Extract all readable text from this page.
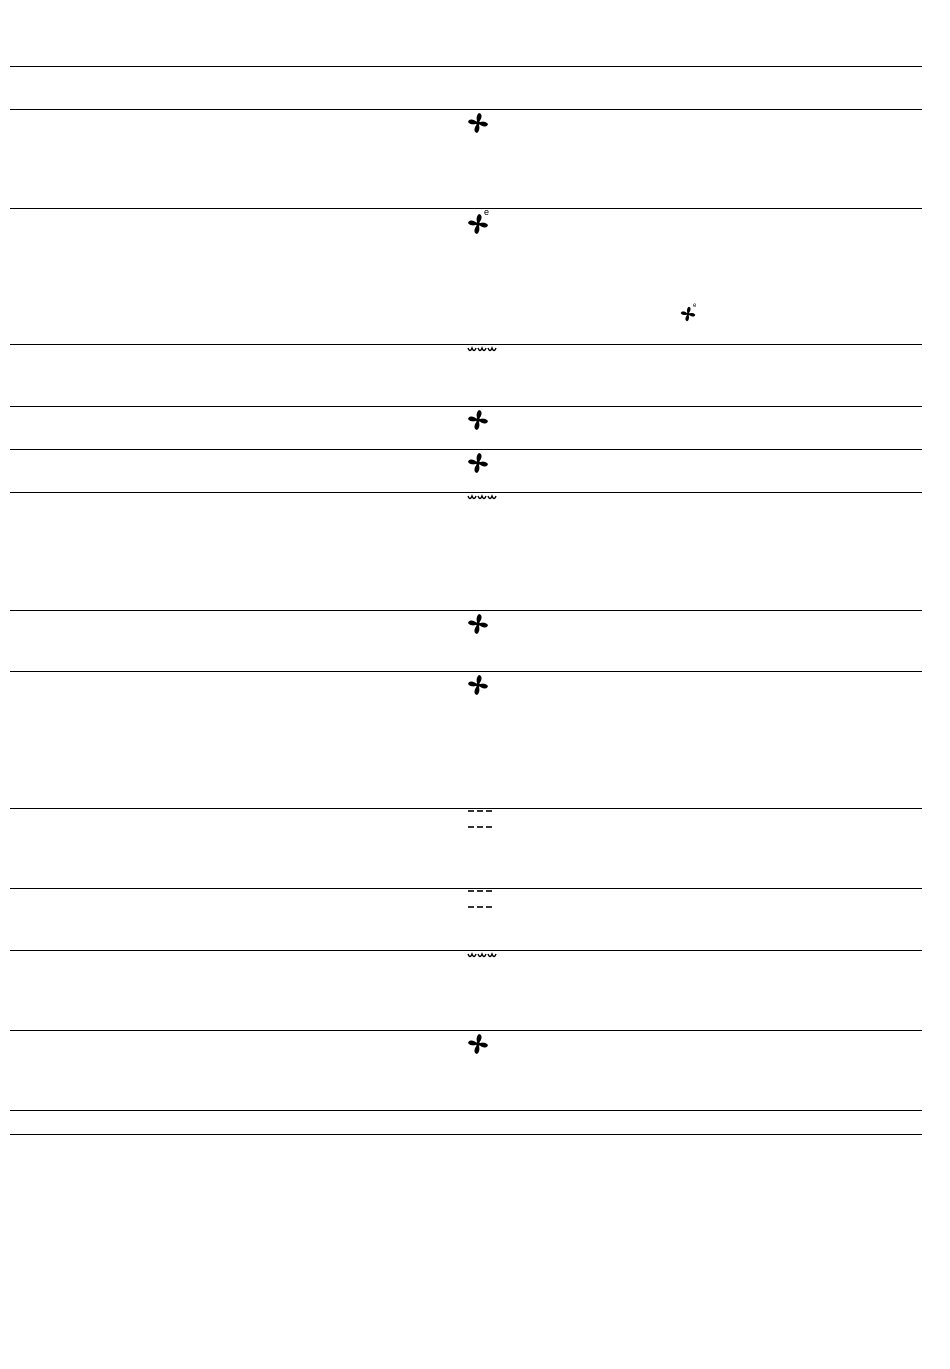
e
e
